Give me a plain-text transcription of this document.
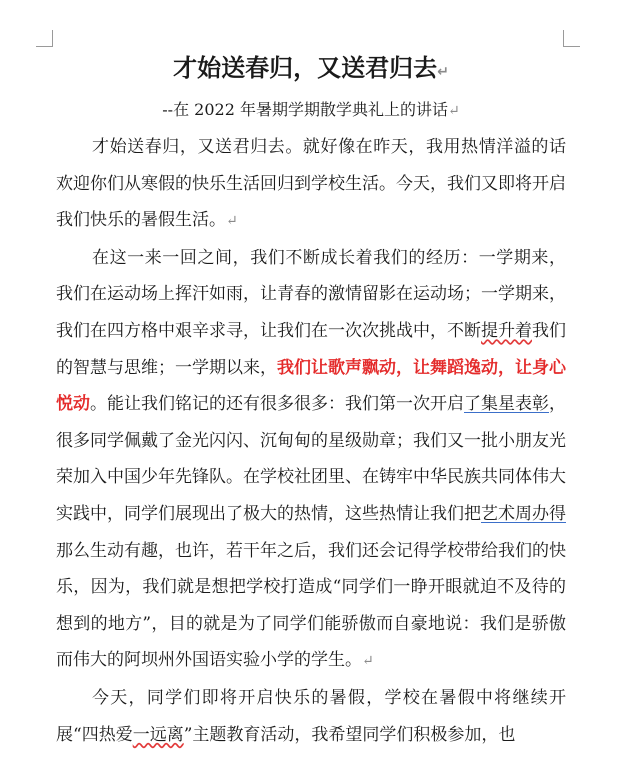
才始送春归，又送君归去↵

--在 2022 年暑期学期散学典礼上的讲话↵

才始送春归，又送君归去。就好像在昨天，我用热情洋溢的话欢迎你们从寒假的快乐生活回归到学校生活。今天，我们又即将开启我们快乐的暑假生活。↵

在这一来一回之间，我们不断成长着我们的经历：一学期来，我们在运动场上挥汗如雨，让青春的激情留影在运动场；一学期来，我们在四方格中艰辛求寻，让我们在一次次挑战中，不断提升着我们的智慧与思维；一学期以来，我们让歌声飘动，让舞蹈逸动，让身心悦动。能让我们铭记的还有很多很多：我们第一次开启了集星表彰，很多同学佩戴了金光闪闪、沉甸甸的星级勋章；我们又一批小朋友光荣加入中国少年先锋队。在学校社团里、在铸牢中华民族共同体伟大实践中，同学们展现出了极大的热情，这些热情让我们把艺术周办得那么生动有趣，也许，若干年之后，我们还会记得学校带给我们的快乐，因为，我们就是想把学校打造成“同学们一睁开眼就迫不及待的想到的地方”，目的就是为了同学们能骄傲而自豪地说：我们是骄傲而伟大的阿坝州外国语实验小学的学生。↵

今天，同学们即将开启快乐的暑假，学校在暑假中将继续开展“四热爱一远离”主题教育活动，我希望同学们积极参加，也
